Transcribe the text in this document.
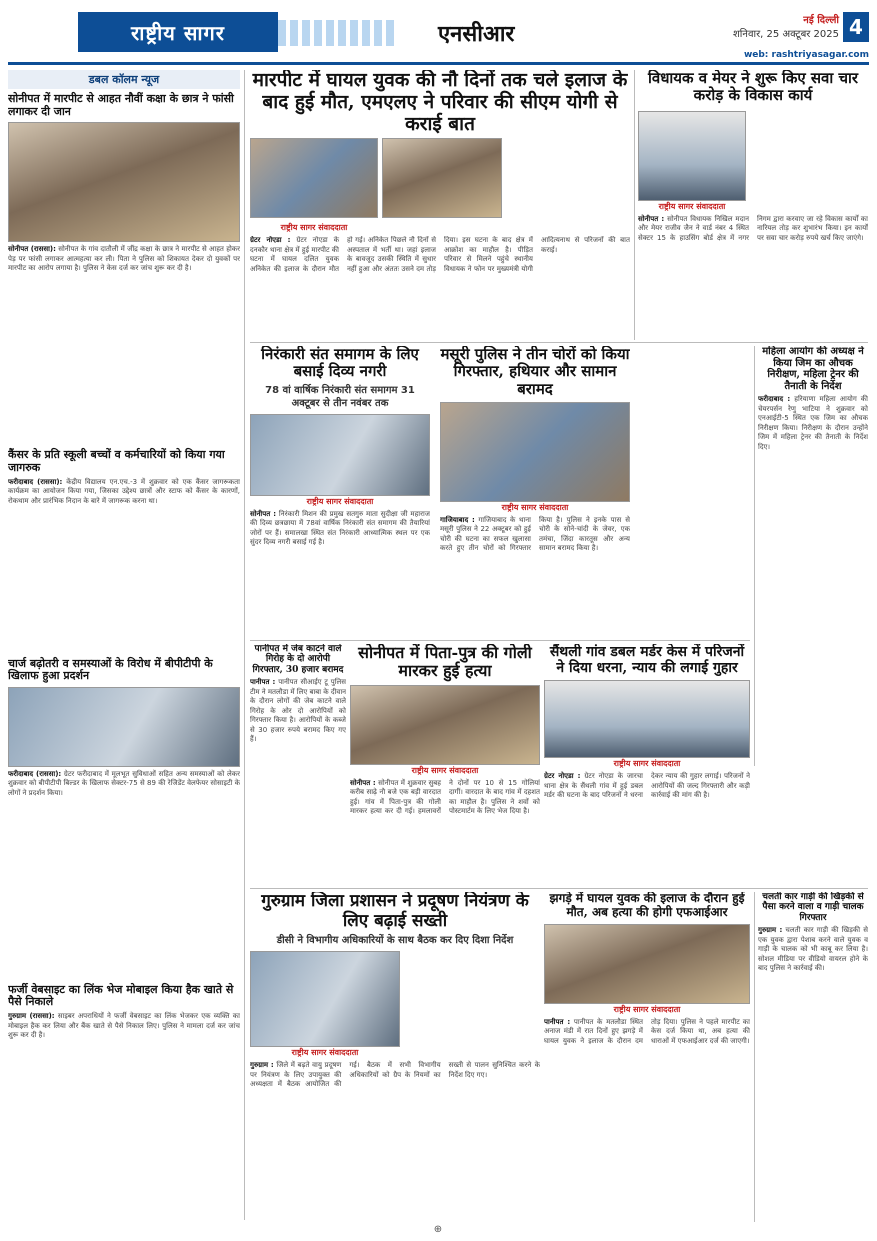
राष्ट्रीय सागर	एनसीआर
नई दिल्ली
शनिवार, 25 अक्टूबर 2025 4
web: rashtriyasagar.com
डबल कॉलम न्यूज
सोनीपत में मारपीट से आहत नौवीं कक्षा के छात्र ने फांसी लगाकर दी जान
सोनीपत (राससा): सोनीपत के गांव दातौली में जींद्र कक्षा के छात्र ने मारपीट से आहत होकर पेड़ पर फांसी लगाकर आत्महत्या कर ली। पिता ने पुलिस को शिकायत देकर दो युवकों पर मारपीट का आरोप लगाया है। पुलिस ने केस दर्ज कर जांच शुरू कर दी है।
कैंसर के प्रति स्कूली बच्चों व कर्मचारियों को किया गया जागरुक
फरीदाबाद (राससा): केंद्रीय विद्यालय एन.एच.-3 में शुक्रवार को एक कैंसर जागरूकता कार्यक्रम का आयोजन किया गया, जिसका उद्देश्य छात्रों और स्टाफ को कैंसर के कारणों, रोकथाम और प्रारंभिक निदान के बारे में जागरूक करना था।
चार्ज बढ़ोतरी व समस्याओं के विरोध में बीपीटीपी के खिलाफ हुआ प्रदर्शन
फरीदाबाद (राससा): ग्रेटर फरीदाबाद में मूलभूत सुविधाओं सहित अन्य समस्याओं को लेकर शुक्रवार को बीपीटीपी बिल्डर के खिलाफ सेक्टर-75 से 89 की रेजिडेंट वेलफेयर सोसाइटी के लोगों ने प्रदर्शन किया।
फर्जी वेबसाइट का लिंक भेज मोबाइल किया हैक खाते से पैसे निकाले
गुरुग्राम (राससा): साइबर अपराधियों ने फर्जी वेबसाइट का लिंक भेजकर एक व्यक्ति का मोबाइल हैक कर लिया और बैंक खाते से पैसे निकाल लिए। पुलिस ने मामला दर्ज कर जांच शुरू कर दी है।
मारपीट में घायल युवक की नौ दिनों तक चले इलाज के बाद हुई मौत, एमएलए ने परिवार की सीएम योगी से कराई बात
राष्ट्रीय सागर संवाददाता
ग्रेटर नोएडा : ग्रेटर नोएडा के दनकौर थाना क्षेत्र में हुई मारपीट की घटना में घायल दलित युवक अनिकेत की इलाज के दौरान मौत हो गई। अनिकेत पिछले नौ दिनों से अस्पताल में भर्ती था। जहां इलाज के बावजूद उसकी स्थिति में सुधार नहीं हुआ और अंततः उसने दम तोड़ दिया। इस घटना के बाद क्षेत्र में आक्रोश का माहौल है। पीड़ित परिवार से मिलने पहुंचे स्थानीय विधायक ने फोन पर मुख्यमंत्री योगी आदित्यनाथ से परिजनों की बात कराई।
विधायक व मेयर ने शुरू किए सवा चार करोड़ के विकास कार्य
राष्ट्रीय सागर संवाददाता
सोनीपत : सोनीपत विधायक निखिल मदान और मेयर राजीव जैन ने वार्ड नंबर 4 स्थित सेक्टर 15 के हाउसिंग बोर्ड क्षेत्र में नगर निगम द्वारा करवाए जा रहे विकास कार्यों का नारियल तोड़ कर शुभारंभ किया। इन कार्यों पर सवा चार करोड़ रुपये खर्च किए जाएंगे।
निरंकारी संत समागम के लिए बसाई दिव्य नगरी
78 वां वार्षिक निरंकारी संत समागम 31 अक्टूबर से तीन नवंबर तक
राष्ट्रीय सागर संवाददाता
सोनीपत : निरंकारी मिशन की प्रमुख सतगुरु माता सुदीक्षा जी महाराज की दिव्य छत्रछाया में 78वां वार्षिक निरंकारी संत समागम की तैयारियां जोरों पर हैं। समालखा स्थित संत निरंकारी आध्यात्मिक स्थल पर एक सुंदर दिव्य नगरी बसाई गई है।
मसूरी पुलिस ने तीन चोरों को किया गिरफ्तार, हथियार और सामान बरामद
राष्ट्रीय सागर संवाददाता
गाजियाबाद : गाजियाबाद के थाना मसूरी पुलिस ने 22 अक्टूबर को हुई चोरी की घटना का सफल खुलासा करते हुए तीन चोरों को गिरफ्तार किया है। पुलिस ने इनके पास से चोरी के सोने-चांदी के जेवर, एक तमंचा, जिंदा कारतूस और अन्य सामान बरामद किया है।
महिला आयोग की अध्यक्ष ने किया जिम का औचक निरीक्षण, महिला ट्रेनर की तैनाती के निर्देश
फरीदाबाद : हरियाणा महिला आयोग की चेयरपर्सन रेणु भाटिया ने शुक्रवार को एनआईटी-5 स्थित एक जिम का औचक निरीक्षण किया। निरीक्षण के दौरान उन्होंने जिम में महिला ट्रेनर की तैनाती के निर्देश दिए।
पानीपत में जेब काटने वाले गिरोह के दो आरोपी गिरफ्तार, 30 हजार बरामद
पानीपत : पानीपत सीआईए टू पुलिस टीम ने मतलौडा में लिए बाबा के दीवान के दौरान लोगों की जेब काटने वाले गिरोह के ओर दो आरोपियों को गिरफ्तार किया है। आरोपियों के कब्जे से 30 हजार रुपये बरामद किए गए हैं।
सोनीपत में पिता-पुत्र की गोली मारकर हुई हत्या
राष्ट्रीय सागर संवाददाता
सोनीपत : सोनीपत में शुक्रवार सुबह करीब साढ़े नौ बजे एक बड़ी वारदात हुई। गांव में पिता-पुत्र की गोली मारकर हत्या कर दी गई। हमलावरों ने दोनों पर 10 से 15 गोलियां दागीं। वारदात के बाद गांव में दहशत का माहौल है। पुलिस ने शवों को पोस्टमार्टम के लिए भेज दिया है।
सैंथली गांव डबल मर्डर केस में परिजनों ने दिया धरना, न्याय की लगाई गुहार
राष्ट्रीय सागर संवाददाता
ग्रेटर नोएडा : ग्रेटर नोएडा के जारचा थाना क्षेत्र के सैंथली गांव में हुई डबल मर्डर की घटना के बाद परिजनों ने धरना देकर न्याय की गुहार लगाई। परिजनों ने आरोपियों की जल्द गिरफ्तारी और कड़ी कार्रवाई की मांग की है।
गुरुग्राम जिला प्रशासन ने प्रदूषण नियंत्रण के लिए बढ़ाई सख्ती
डीसी ने विभागीय अधिकारियों के साथ बैठक कर दिए दिशा निर्देश
राष्ट्रीय सागर संवाददाता
गुरुग्राम : जिले में बढ़ते वायु प्रदूषण पर नियंत्रण के लिए उपायुक्त की अध्यक्षता में बैठक आयोजित की गई। बैठक में सभी विभागीय अधिकारियों को ग्रैप के नियमों का सख्ती से पालन सुनिश्चित करने के निर्देश दिए गए।
झगड़े में घायल युवक की इलाज के दौरान हुई मौत, अब हत्या की होगी एफआईआर
राष्ट्रीय सागर संवाददाता
पानीपत : पानीपत के मतलौडा स्थित अनाज मंडी में रात दिनों हुए झगड़े में घायल युवक ने इलाज के दौरान दम तोड़ दिया। पुलिस ने पहले मारपीट का केस दर्ज किया था, अब हत्या की धाराओं में एफआईआर दर्ज की जाएगी।
चलती कार गाड़ी की खिड़की से पैसा करने वाला व गाड़ी चालक गिरफ्तार
गुरुग्राम : चलती कार गाड़ी की खिड़की से एक युवक द्वारा पेशाब करने वाले युवक व गाड़ी के चालक को भी काबू कर लिया है। सोशल मीडिया पर वीडियो वायरल होने के बाद पुलिस ने कार्रवाई की।
⊕
